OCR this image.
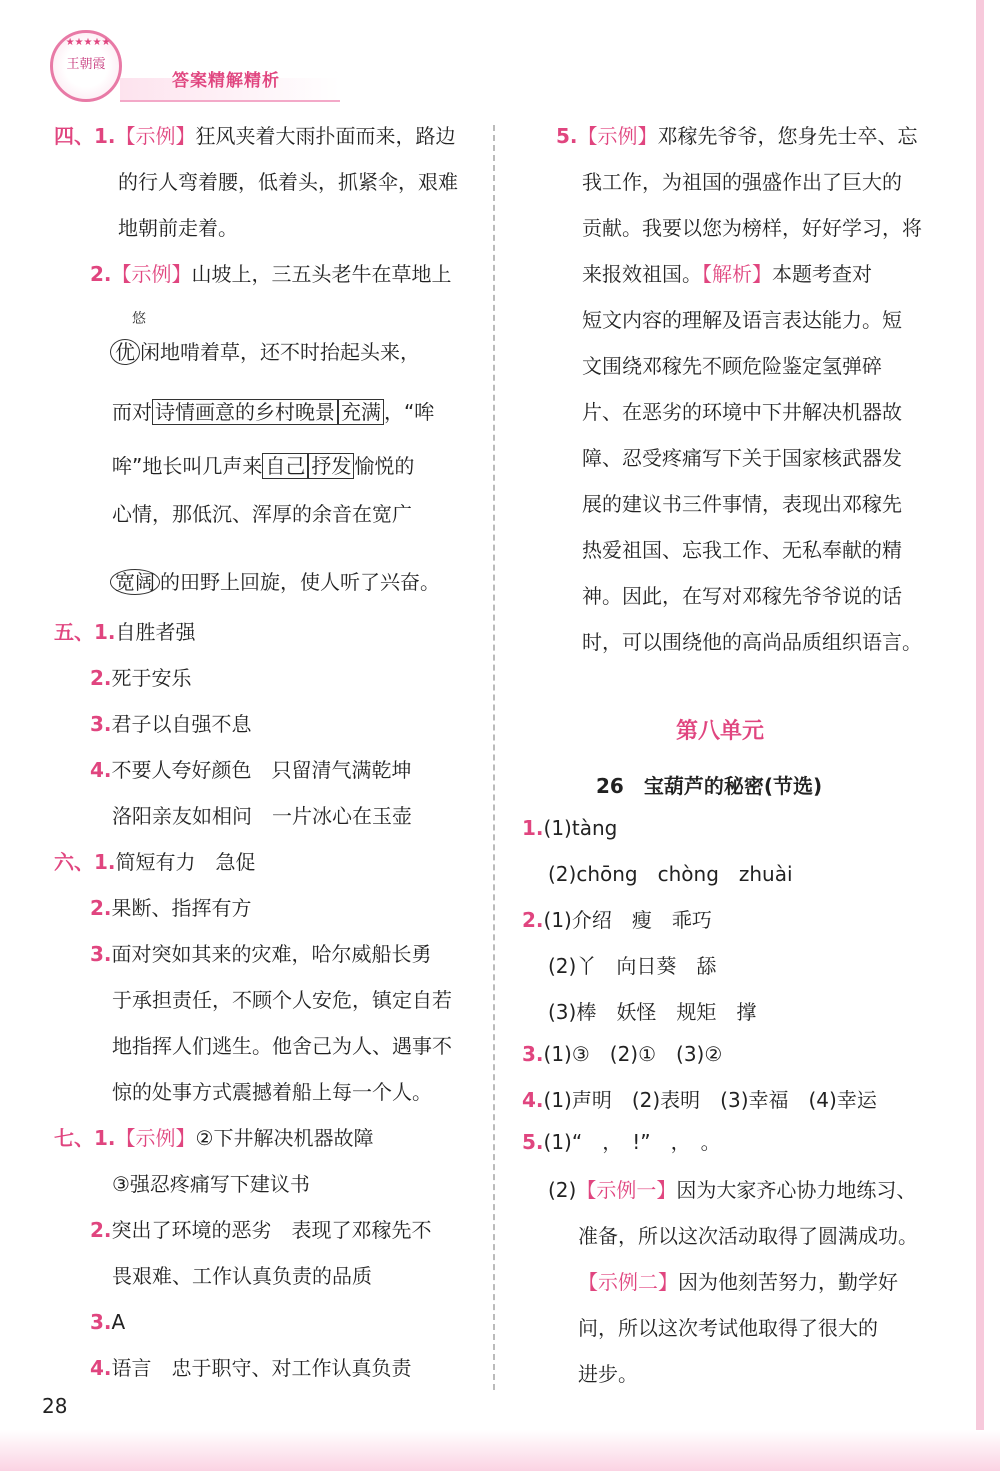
★★★★★
王朝霞
答案精解精析
四、1.【示例】狂风夹着大雨扑面而来，路边
的行人弯着腰，低着头，抓紧伞，艰难
地朝前走着。
2.【示例】山坡上，三五头老牛在草地上
悠
优 闲地啃着草，还不时抬起头来，
而对 诗情画意的乡村晚景 充满 ，“哞
哞”地长叫几声来 自己 抒发 愉悦的
心情，那低沉、浑厚的余音在宽广
宽阔 的田野上回旋，使人听了兴奋。
五、1.自胜者强
2.死于安乐
3.君子以自强不息
4.不要人夸好颜色　只留清气满乾坤
洛阳亲友如相问　一片冰心在玉壶
六、1.简短有力　急促
2.果断、指挥有方
3.面对突如其来的灾难，哈尔威船长勇
于承担责任，不顾个人安危，镇定自若
地指挥人们逃生。他舍己为人、遇事不
惊的处事方式震撼着船上每一个人。
七、1.【示例】②下井解决机器故障
③强忍疼痛写下建议书
2.突出了环境的恶劣　表现了邓稼先不
畏艰难、工作认真负责的品质
3.A
4.语言　忠于职守、对工作认真负责
5.【示例】邓稼先爷爷，您身先士卒、忘
我工作，为祖国的强盛作出了巨大的
贡献。我要以您为榜样，好好学习，将
来报效祖国。【解析】本题考查对
短文内容的理解及语言表达能力。短
文围绕邓稼先不顾危险鉴定氢弹碎
片、在恶劣的环境中下井解决机器故
障、忍受疼痛写下关于国家核武器发
展的建议书三件事情，表现出邓稼先
热爱祖国、忘我工作、无私奉献的精
神。因此，在写对邓稼先爷爷说的话
时，可以围绕他的高尚品质组织语言。
第八单元
26　宝葫芦的秘密(节选)
1.(1)tàng
(2)chōng　chòng　zhuài
2.(1)介绍　瘦　乖巧
(2)丫　向日葵　舔
(3)棒　妖怪　规矩　撑
3.(1)③　(2)①　(3)②
4.(1)声明　(2)表明　(3)幸福　(4)幸运
5.(1)“　，　!”　，　。
(2)【示例一】因为大家齐心协力地练习、
准备，所以这次活动取得了圆满成功。
【示例二】因为他刻苦努力，勤学好
问，所以这次考试他取得了很大的
进步。
28
